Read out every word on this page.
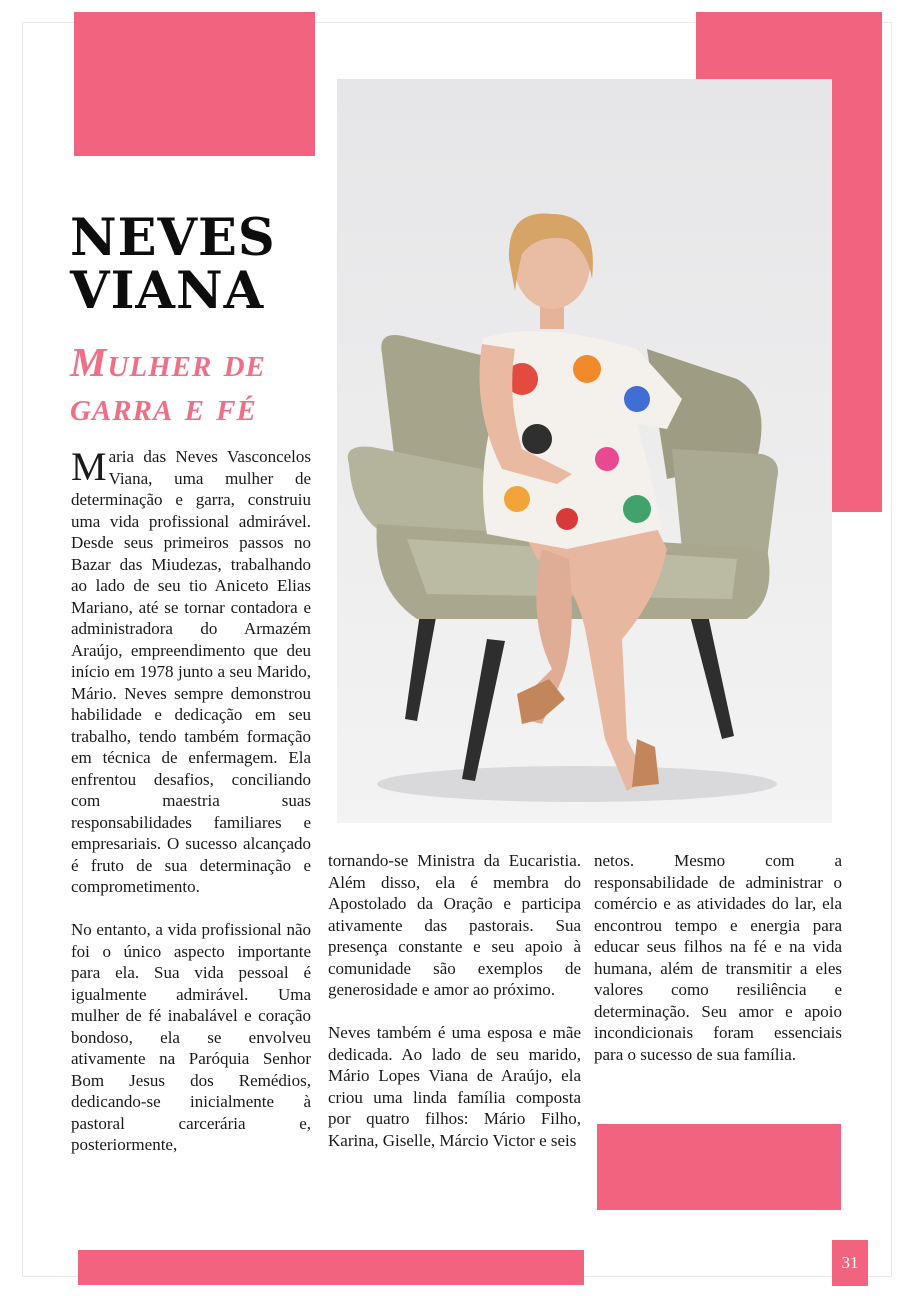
NEVES
VIANA
Mulher de
garra e fé

Maria das Neves Vasconcelos Viana, uma mulher de determinação e garra, construiu uma vida profissional admirável. Desde seus primeiros passos no Bazar das Miudezas, trabalhando ao lado de seu tio Aniceto Elias Mariano, até se tornar contadora e administradora do Armazém Araújo, empreendimento que deu início em 1978 junto a seu Marido, Mário. Neves sempre demonstrou habilidade e dedicação em seu trabalho, tendo também formação em técnica de enfermagem. Ela enfrentou desafios, conciliando com maestria suas responsabilidades familiares e empresariais. O sucesso alcançado é fruto de sua determinação e comprometimento.

No entanto, a vida profissional não foi o único aspecto importante para ela. Sua vida pessoal é igualmente admirável. Uma mulher de fé inabalável e coração bondoso, ela se envolveu ativamente na Paróquia Senhor Bom Jesus dos Remédios, dedicando-se inicialmente à pastoral carcerária e, posteriormente,

tornando-se Ministra da Eucaristia. Além disso, ela é membra do Apostolado da Oração e participa ativamente das pastorais. Sua presença constante e seu apoio à comunidade são exemplos de generosidade e amor ao próximo.

Neves também é uma esposa e mãe dedicada. Ao lado de seu marido, Mário Lopes Viana de Araújo, ela criou uma linda família composta por quatro filhos: Mário Filho, Karina, Giselle, Márcio Victor e seis

netos. Mesmo com a responsabilidade de administrar o comércio e as atividades do lar, ela encontrou tempo e energia para educar seus filhos na fé e na vida humana, além de transmitir a eles valores como resiliência e determinação. Seu amor e apoio incondicionais foram essenciais para o sucesso de sua família.

31
